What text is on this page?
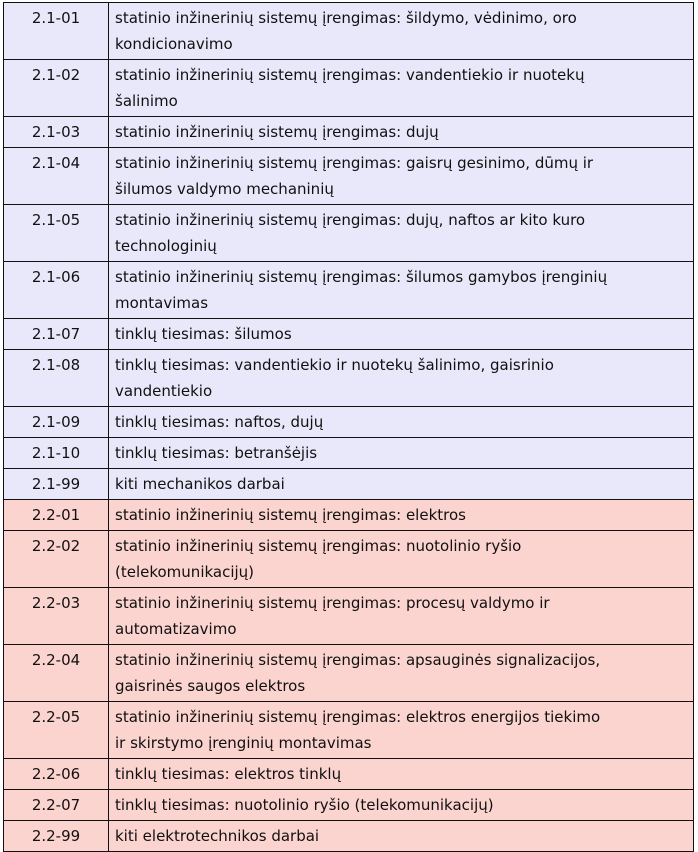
2.1-01	statinio inžinerinių sistemų įrengimas: šildymo, vėdinimo, oro
kondicionavimo

2.1-02	statinio inžinerinių sistemų įrengimas: vandentiekio ir nuotekų
šalinimo

2.1-03	statinio inžinerinių sistemų įrengimas: dujų

2.1-04	statinio inžinerinių sistemų įrengimas: gaisrų gesinimo, dūmų ir
šilumos valdymo mechaninių

2.1-05	statinio inžinerinių sistemų įrengimas: dujų, naftos ar kito kuro
technologinių

2.1-06	statinio inžinerinių sistemų įrengimas: šilumos gamybos įrenginių
montavimas

2.1-07	tinklų tiesimas: šilumos

2.1-08	tinklų tiesimas: vandentiekio ir nuotekų šalinimo, gaisrinio
vandentiekio

2.1-09	tinklų tiesimas: naftos, dujų

2.1-10	tinklų tiesimas: betranšėjis

2.1-99	kiti mechanikos darbai

2.2-01	statinio inžinerinių sistemų įrengimas: elektros

2.2-02	statinio inžinerinių sistemų įrengimas: nuotolinio ryšio
(telekomunikacijų)

2.2-03	statinio inžinerinių sistemų įrengimas: procesų valdymo ir
automatizavimo

2.2-04	statinio inžinerinių sistemų įrengimas: apsauginės signalizacijos,
gaisrinės saugos elektros

2.2-05	statinio inžinerinių sistemų įrengimas: elektros energijos tiekimo
ir skirstymo įrenginių montavimas

2.2-06	tinklų tiesimas: elektros tinklų

2.2-07	tinklų tiesimas: nuotolinio ryšio (telekomunikacijų)

2.2-99	kiti elektrotechnikos darbai
